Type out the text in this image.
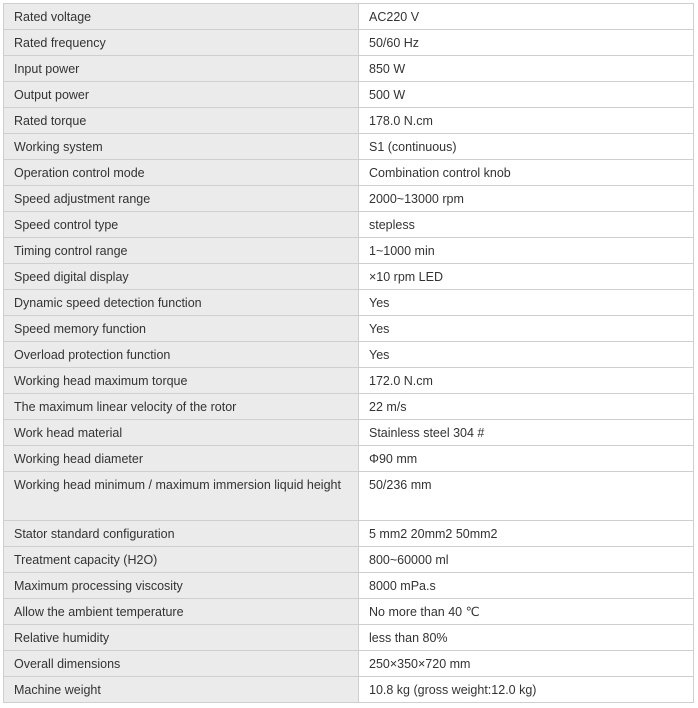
Rated voltage	AC220 V
Rated frequency	50/60 Hz
Input power	850 W
Output power	500 W
Rated torque	178.0 N.cm
Working system	S1 (continuous)
Operation control mode	Combination control knob
Speed adjustment range	2000~13000 rpm
Speed control type	stepless
Timing control range	1~1000 min
Speed digital display	×10 rpm LED
Dynamic speed detection function	Yes
Speed memory function	Yes
Overload protection function	Yes
Working head maximum torque	172.0 N.cm
The maximum linear velocity of the rotor	22 m/s
Work head material	Stainless steel 304 #
Working head diameter	Φ90 mm
Working head minimum / maximum immersion liquid height	50/236 mm
Stator standard configuration	5 mm2 20mm2 50mm2
Treatment capacity (H2O)	800~60000 ml
Maximum processing viscosity	8000 mPa.s
Allow the ambient temperature	No more than 40 ℃
Relative humidity	less than 80%
Overall dimensions	250×350×720 mm
Machine weight	10.8 kg (gross weight:12.0 kg)
